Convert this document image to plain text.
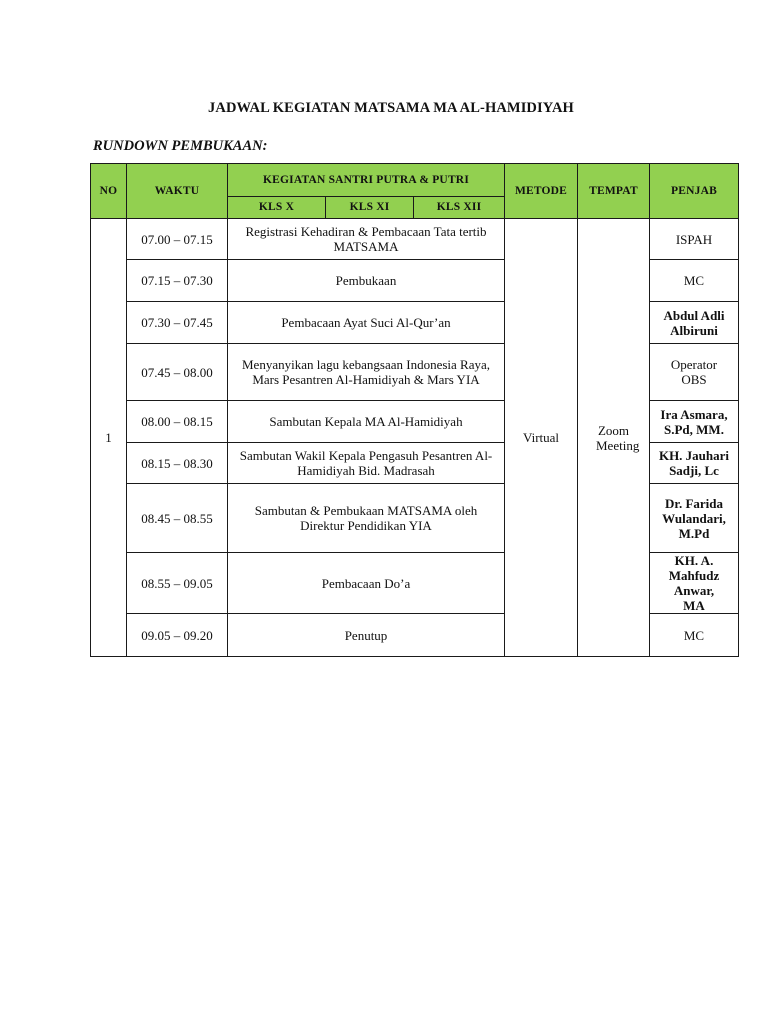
JADWAL KEGIATAN MATSAMA MA AL-HAMIDIYAH
RUNDOWN PEMBUKAAN:
NO	WAKTU	KEGIATAN SANTRI PUTRA & PUTRI			METODE	TEMPAT	PENJAB
		KLS X	KLS XI	KLS XII			
1	07.00 – 07.15	Registrasi Kehadiran & Pembacaan Tata tertib MATSAMA			Virtual	Zoom Meeting	ISPAH
	07.15 – 07.30	Pembukaan					MC
	07.30 – 07.45	Pembacaan Ayat Suci Al-Qur’an					Abdul Adli Albiruni
	07.45 – 08.00	Menyanyikan lagu kebangsaan Indonesia Raya, Mars Pesantren Al-Hamidiyah & Mars YIA					Operator OBS
	08.00 – 08.15	Sambutan Kepala MA Al-Hamidiyah					Ira Asmara, S.Pd, MM.
	08.15 – 08.30	Sambutan Wakil Kepala Pengasuh Pesantren Al-Hamidiyah Bid. Madrasah					KH. Jauhari Sadji, Lc
	08.45 – 08.55	Sambutan & Pembukaan MATSAMA oleh Direktur Pendidikan YIA					Dr. Farida Wulandari, M.Pd
	08.55 – 09.05	Pembacaan Do’a					KH. A. Mahfudz Anwar, MA
	09.05 – 09.20	Penutup					MC
